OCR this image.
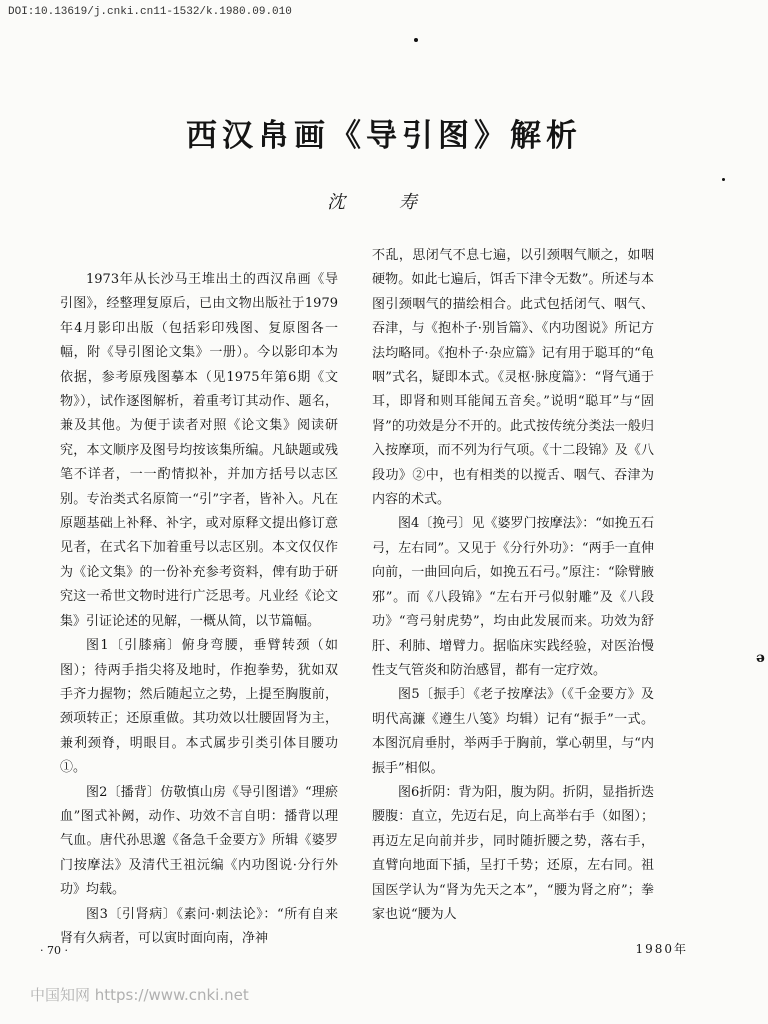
DOI:10.13619/j.cnki.cn11-1532/k.1980.09.010
西汉帛画《导引图》解析
沈 寿

1973年从长沙马王堆出土的西汉帛画《导引图》，经整理复原后，已由文物出版社于1979年4月影印出版（包括彩印残图、复原图各一幅，附《导引图论文集》一册）。今以影印本为依据，参考原残图摹本（见1975年第6期《文物》），试作逐图解析，着重考订其动作、题名，兼及其他。为便于读者对照《论文集》阅读研究，本文顺序及图号均按该集所编。凡缺题或残笔不详者，一一酌情拟补，并加方括号以志区别。专治类式名原简一“引”字者，皆补入。凡在原题基础上补释、补字，或对原释文提出修订意见者，在式名下加着重号以志区别。本文仅仅作为《论文集》的一份补充参考资料，俾有助于研究这一希世文物时进行广泛思考。凡业经《论文集》引证论述的见解，一概从简，以节篇幅。

图1〔引膝痛〕俯身弯腰，垂臂转颈（如图）；待两手指尖将及地时，作抱拳势，犹如双手齐力握物；然后随起立之势，上提至胸腹前，颈项转正；还原重做。其功效以壮腰固肾为主，兼利颈脊，明眼目。本式属步引类引体目腰功①。

图2〔播背〕仿敬慎山房《导引图谱》“理瘀血”图式补阙，动作、功效不言自明：播背以理气血。唐代孙思邈《备急千金要方》所辑《婆罗门按摩法》及清代王祖沅编《内功图说·分行外功》均载。

图3〔引肾病〕《素问·刺法论》：“所有自来肾有久病者，可以寅时面向南，净神

不乱，思闭气不息七遍，以引颈咽气顺之，如咽硬物。如此七遍后，饵舌下津令无数”。所述与本图引颈咽气的描绘相合。此式包括闭气、咽气、吞津，与《抱朴子·别旨篇》、《内功图说》所记方法均略同。《抱朴子·杂应篇》记有用于聪耳的“龟咽”式名，疑即本式。《灵枢·脉度篇》：“肾气通于耳，即肾和则耳能闻五音矣。”说明“聪耳”与“固肾”的功效是分不开的。此式按传统分类法一般归入按摩项，而不列为行气项。《十二段锦》及《八段功》②中，也有相类的以搅舌、咽气、吞津为内容的术式。

图4〔挽弓〕见《婆罗门按摩法》：“如挽五石弓，左右同”。又见于《分行外功》：“两手一直伸向前，一曲回向后，如挽五石弓。”原注：“除臂腋邪”。而《八段锦》“左右开弓似射雕”及《八段功》“弯弓射虎势”，均由此发展而来。功效为舒肝、利肺、增臂力。据临床实践经验，对医治慢性支气管炎和防治感冒，都有一定疗效。

图5〔振手〕《老子按摩法》（《千金要方》及明代高濂《遵生八笺》均辑）记有“振手”一式。本图沉肩垂肘，举两手于胸前，掌心朝里，与“内振手”相似。

图6折阴：背为阳，腹为阴。折阴，显指折迭腰腹：直立，先迈右足，向上高举右手（如图）；再迈左足向前并步，同时随折腰之势，落右手，直臂向地面下插，呈打千势；还原，左右同。祖国医学认为“肾为先天之本”，“腰为肾之府”；拳家也说“腰为人

ə
· 70 ·	1980年
中国知网 https://www.cnki.net
